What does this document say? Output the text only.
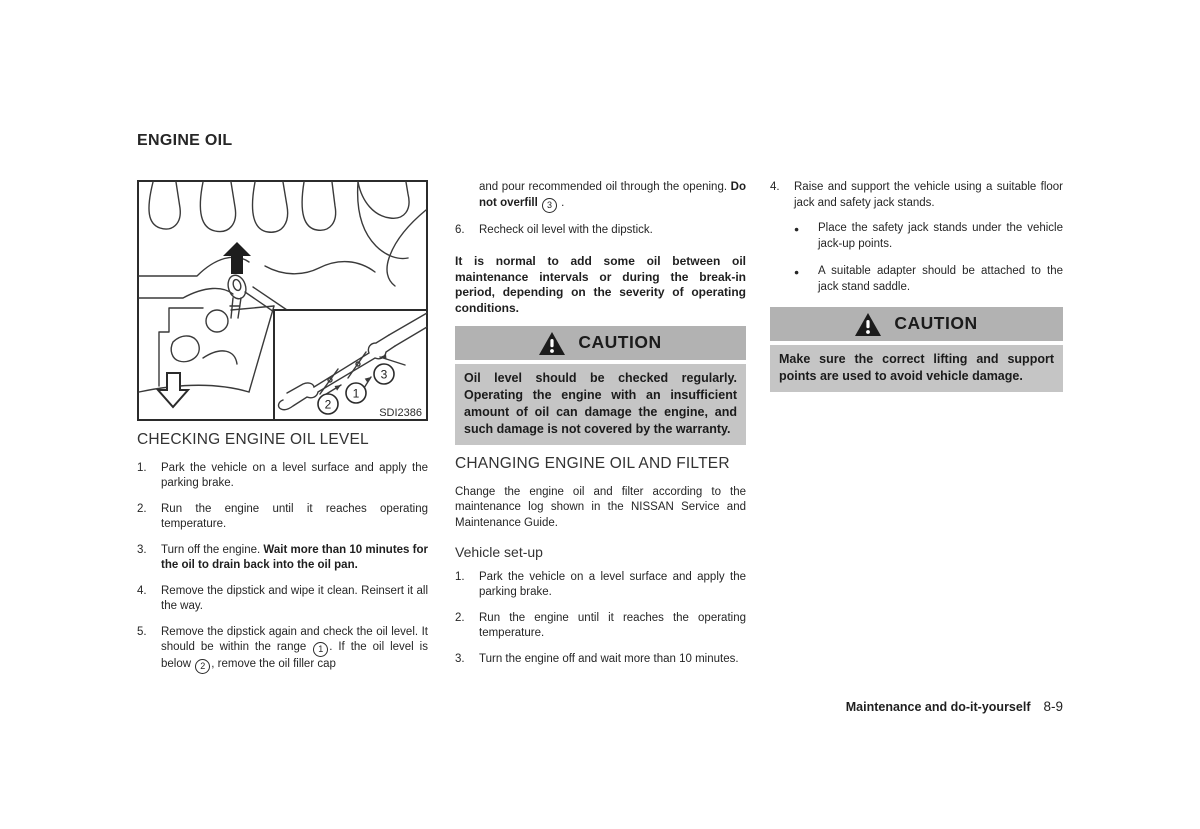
ENGINE OIL
2
1
3
SDI2386
CHECKING ENGINE OIL LEVEL
1.	Park the vehicle on a level surface and apply the parking brake.
2.	Run the engine until it reaches operating temperature.
3.	Turn off the engine. Wait more than 10 minutes for the oil to drain back into the oil pan.
4.	Remove the dipstick and wipe it clean. Reinsert it all the way.
5.	Remove the dipstick again and check the oil level. It should be within the range 1 . If the oil level is below 2 , remove the oil filler cap
and pour recommended oil through the opening. Do not overfill 3 .
6.	Recheck oil level with the dipstick.
It is normal to add some oil between oil maintenance intervals or during the break-in period, depending on the severity of operating conditions.
CAUTION
Oil level should be checked regularly. Operating the engine with an insufficient amount of oil can damage the engine, and such damage is not covered by the warranty.
CHANGING ENGINE OIL AND FILTER
Change the engine oil and filter according to the maintenance log shown in the NISSAN Service and Maintenance Guide.
Vehicle set-up
1.	Park the vehicle on a level surface and apply the parking brake.
2.	Run the engine until it reaches the operating temperature.
3.	Turn the engine off and wait more than 10 minutes.
4.	Raise and support the vehicle using a suitable floor jack and safety jack stands.
●	Place the safety jack stands under the vehicle jack-up points.
●	A suitable adapter should be attached to the jack stand saddle.
CAUTION
Make sure the correct lifting and support points are used to avoid vehicle damage.
Maintenance and do-it-yourself 8-9
